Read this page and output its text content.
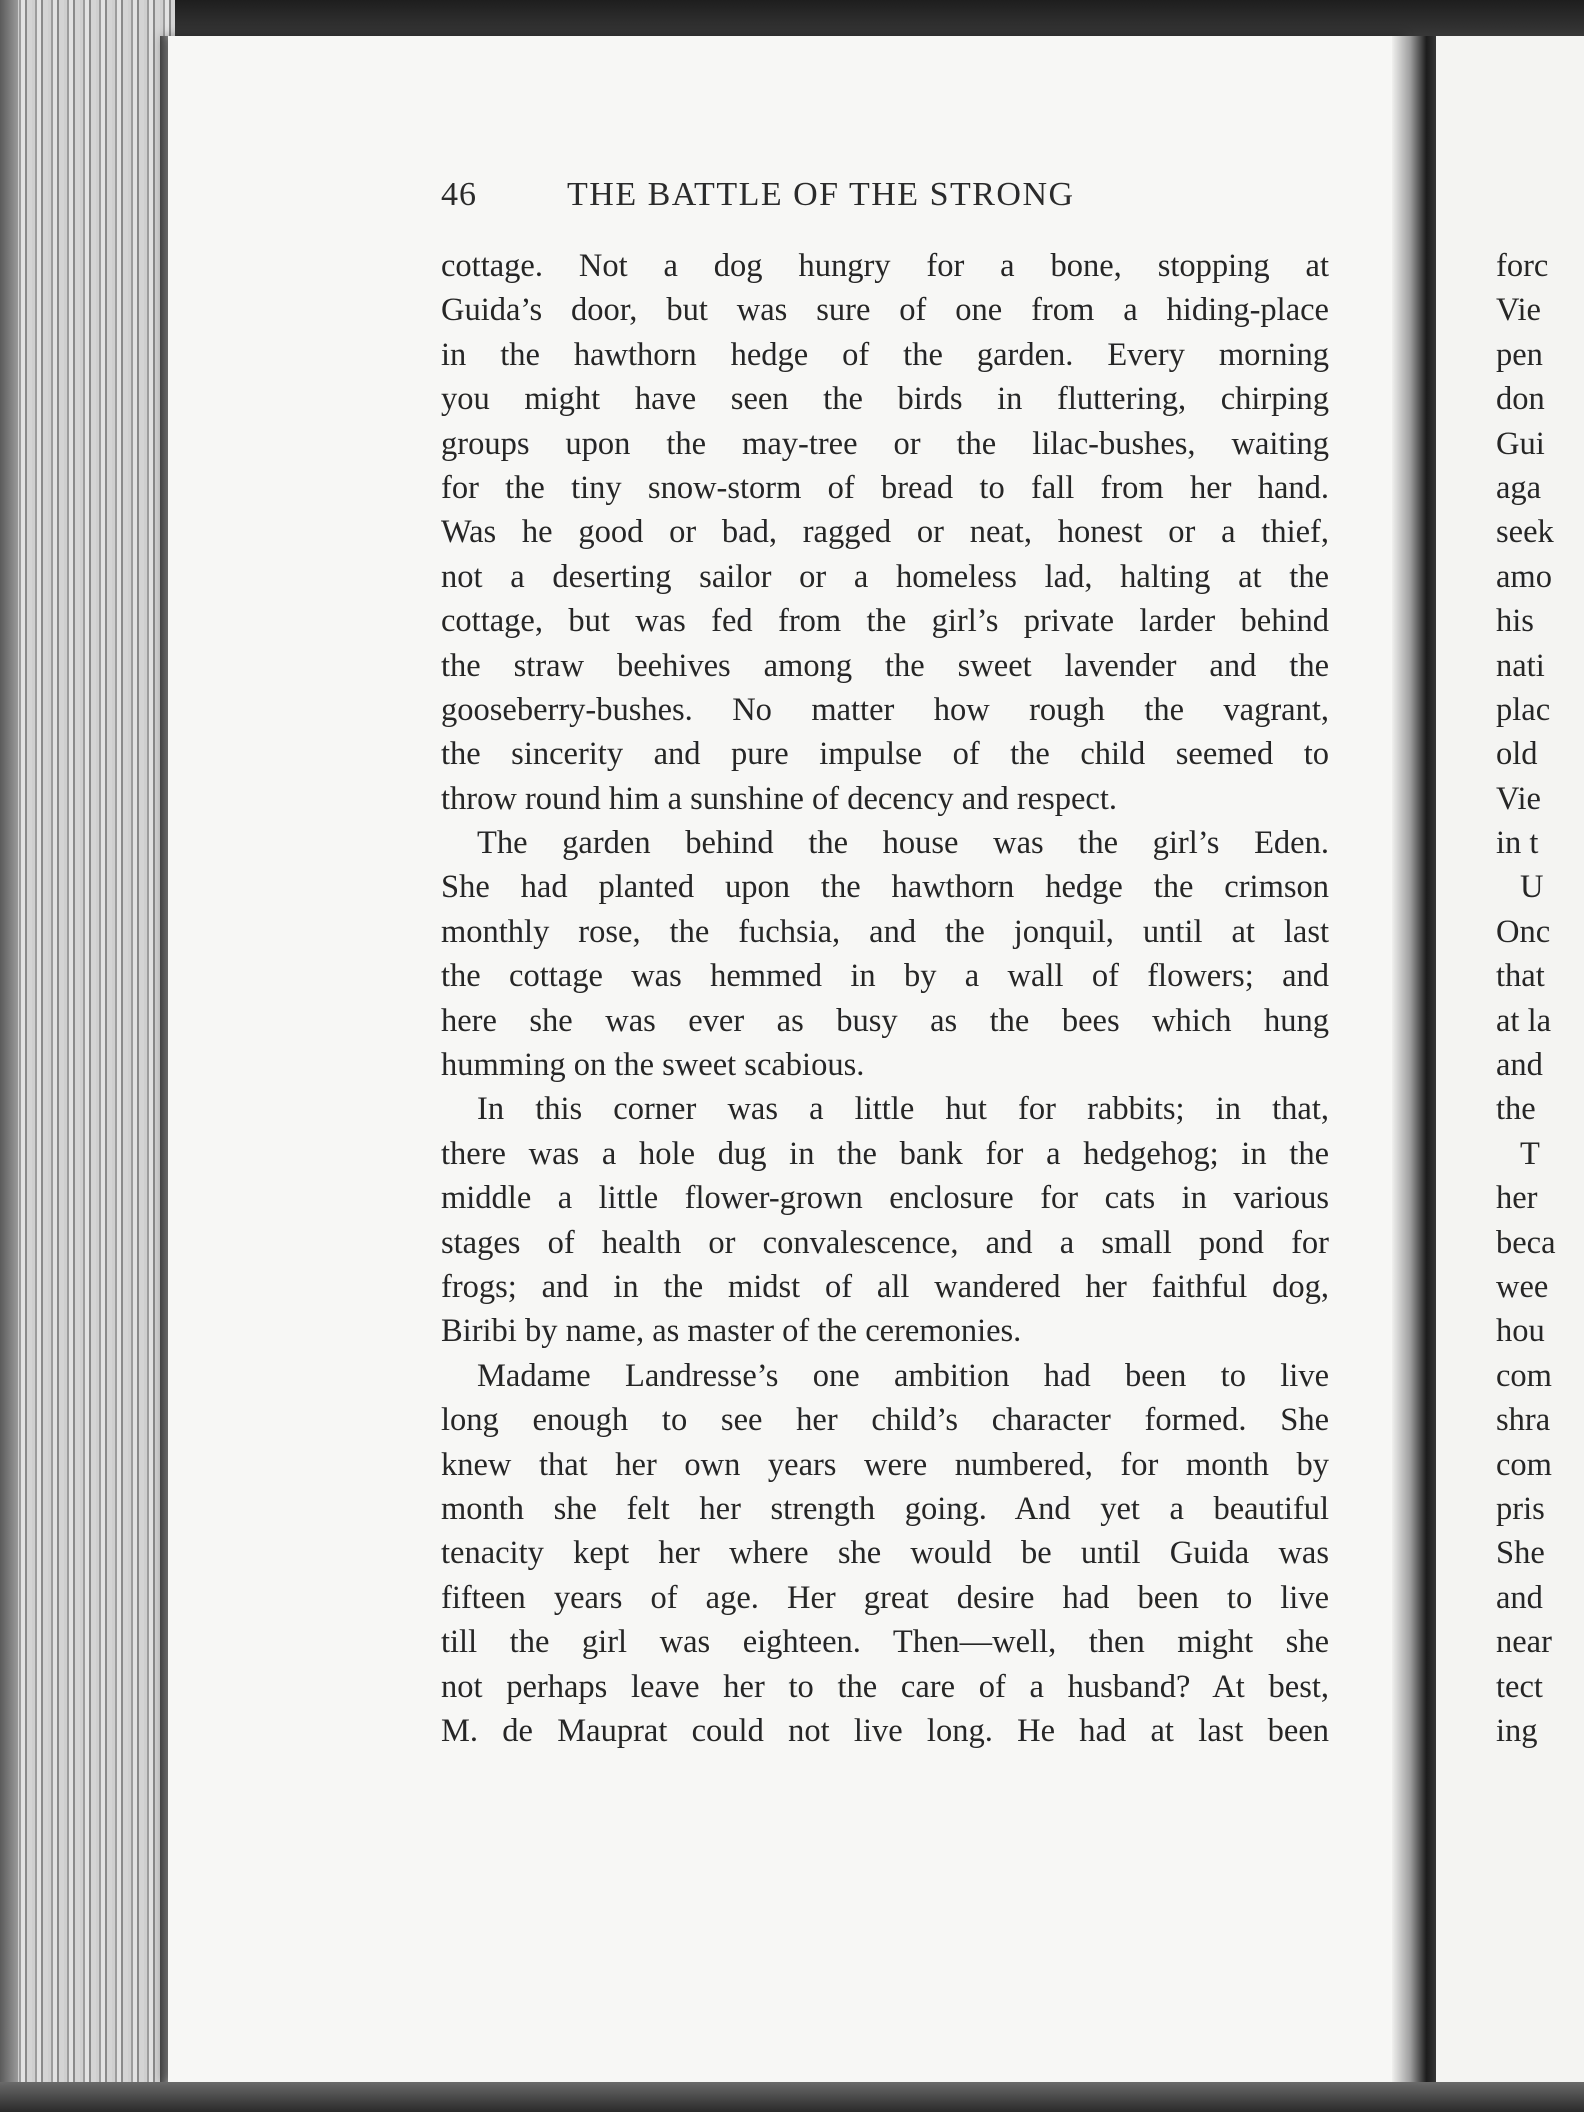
46	THE BATTLE OF THE STRONG
cottage. Not a dog hungry for a bone, stopping at
Guida’s door, but was sure of one from a hiding-place
in the hawthorn hedge of the garden. Every morning
you might have seen the birds in fluttering, chirping
groups upon the may-tree or the lilac-bushes, waiting
for the tiny snow-storm of bread to fall from her hand.
Was he good or bad, ragged or neat, honest or a thief,
not a deserting sailor or a homeless lad, halting at the
cottage, but was fed from the girl’s private larder behind
the straw beehives among the sweet lavender and the
gooseberry-bushes. No matter how rough the vagrant,
the sincerity and pure impulse of the child seemed to
throw round him a sunshine of decency and respect.
The garden behind the house was the girl’s Eden.
She had planted upon the hawthorn hedge the crimson
monthly rose, the fuchsia, and the jonquil, until at last
the cottage was hemmed in by a wall of flowers; and
here she was ever as busy as the bees which hung
humming on the sweet scabious.
In this corner was a little hut for rabbits; in that,
there was a hole dug in the bank for a hedgehog; in the
middle a little flower-grown enclosure for cats in various
stages of health or convalescence, and a small pond for
frogs; and in the midst of all wandered her faithful dog,
Biribi by name, as master of the ceremonies.
Madame Landresse’s one ambition had been to live
long enough to see her child’s character formed. She
knew that her own years were numbered, for month by
month she felt her strength going. And yet a beautiful
tenacity kept her where she would be until Guida was
fifteen years of age. Her great desire had been to live
till the girl was eighteen. Then—well, then might she
not perhaps leave her to the care of a husband? At best,
M. de Mauprat could not live long. He had at last been
forc
Vie
pen
don
Gui
aga
seek
amo
his
nati
plac
old
Vie
in t
U
Onc
that
at la
and
the
T
her
beca
wee
hou
com
shra
com
pris
She
and
near
tect
ing
